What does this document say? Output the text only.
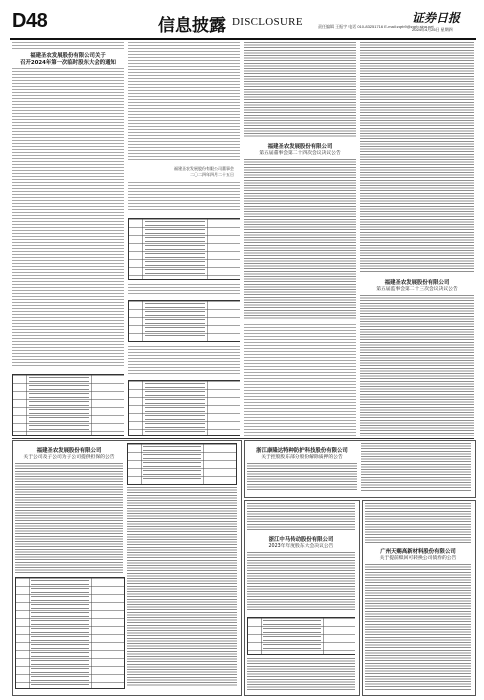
D48	信息披露 DISCLOSURE	责任编辑 王振宇 电话 010-83251716 E-mail:zqrb9@zqrb.sina.net
证券日报
2024年4月25日 星期四
福建圣农发展股份有限公司关于
召开2024年第一次临时股东大会的通知
福建圣农发展股份有限公司董事会
二〇二四年四月二十五日
福建圣农发展股份有限公司
第五届董事会第二十四次会议决议公告
福建圣农发展股份有限公司
第五届监事会第二十三次会议决议公告
福建圣农发展股份有限公司
关于公司及子公司为子公司提供担保的公告
浙江康隆达特种防护科技股份有限公司
关于控股股东部分股份解除质押的公告
浙江中马传动股份有限公司
2023年年度股东大会决议公告
广州天赐高新材料股份有限公司
关于提前赎回可转换公司债券的公告
